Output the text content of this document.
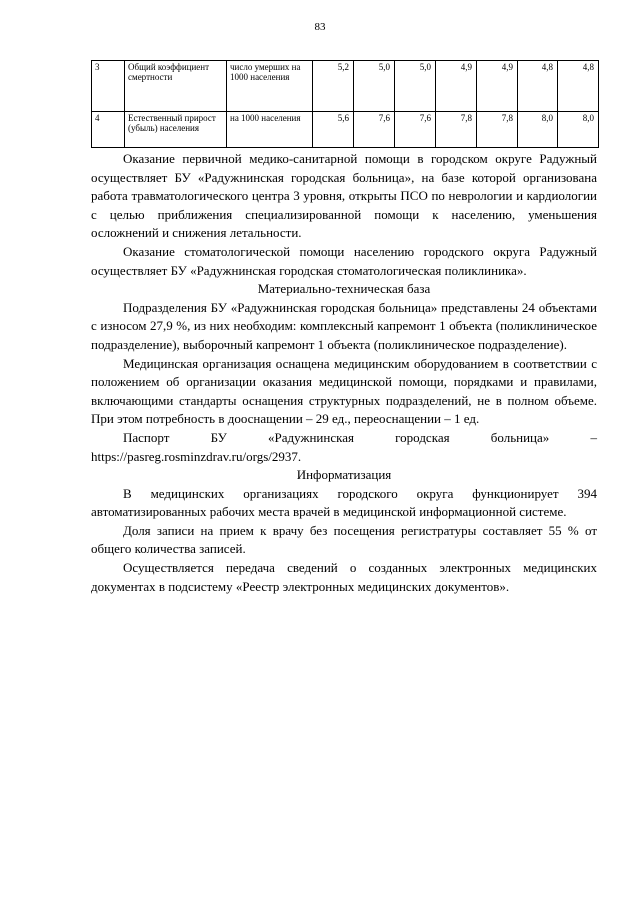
83
3	Общий коэффициент смертности	число умерших на 1000 населения	5,2	5,0	5,0	4,9	4,9	4,8	4,8
4	Естественный прирост (убыль) населения	на 1000 населения	5,6	7,6	7,6	7,8	7,8	8,0	8,0

Оказание первичной медико-санитарной помощи в городском округе Радужный осуществляет БУ «Радужнинская городская больница», на базе которой организована работа травматологического центра 3 уровня, открыты ПСО по неврологии и кардиологии с целью приближения специализированной помощи к населению, уменьшения осложнений и снижения летальности.

Оказание стоматологической помощи населению городского округа Радужный осуществляет БУ «Радужнинская городская стоматологическая поликлиника».

Материально-техническая база

Подразделения БУ «Радужнинская городская больница» представлены 24 объектами с износом 27,9 %, из них необходим: комплексный капремонт 1 объекта (поликлиническое подразделение), выборочный капремонт 1 объекта (поликлиническое подразделение).

Медицинская организация оснащена медицинским оборудованием в соответствии с положением об организации оказания медицинской помощи, порядками и правилами, включающими стандарты оснащения структурных подразделений, не в полном объеме. При этом потребность в дооснащении – 29 ед., переоснащении – 1 ед.

Паспорт БУ «Радужнинская городская больница» –

https://pasreg.rosminzdrav.ru/orgs/2937.

Информатизация

В медицинских организациях городского округа функционирует 394 автоматизированных рабочих места врачей в медицинской информационной системе.

Доля записи на прием к врачу без посещения регистратуры составляет 55 % от общего количества записей.

Осуществляется передача сведений о созданных электронных медицинских документах в подсистему «Реестр электронных медицинских документов».
